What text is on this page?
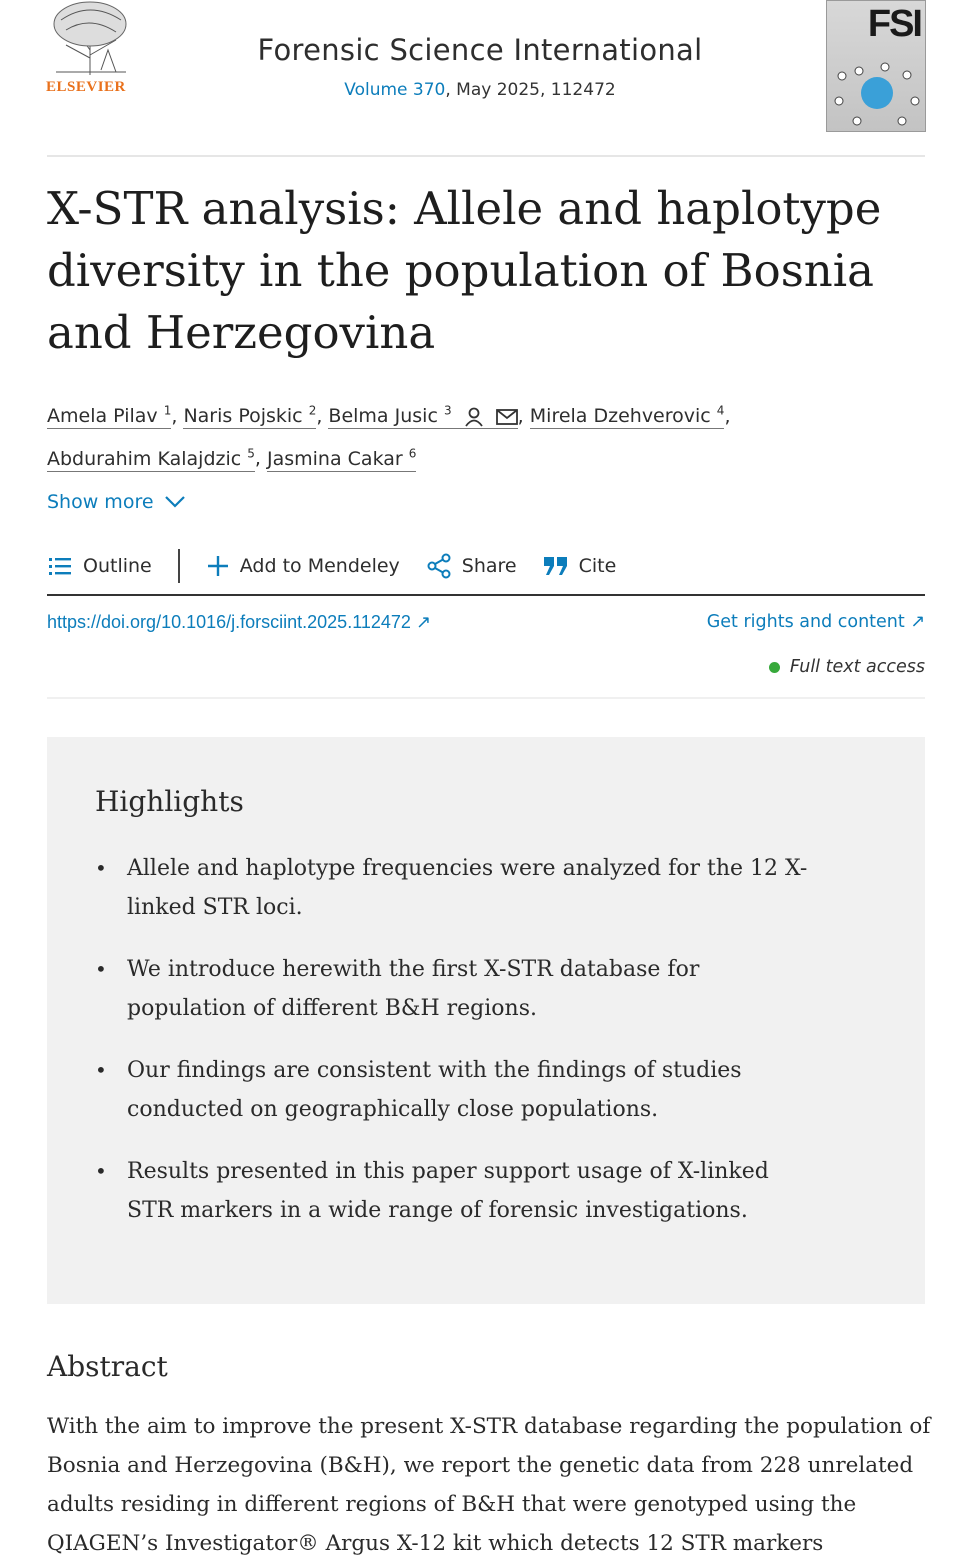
ELSEVIER
Forensic Science International
Volume 370, May 2025, 112472
FSI
X-STR analysis: Allele and haplotype diversity in the population of Bosnia and Herzegovina
Amela Pilav $^1$, Naris Pojskic $^2$, Belma Jusic $^3$	, Mirela Dzehverovic $^4$,
Abdurahim Kalajdzic $^5$, Jasmina Cakar $^6$
Show more
Outline	Add to Mendeley	Share	Cite
https://doi.org/10.1016/j.forsciint.2025.112472 ↗	Get rights and content ↗
Full text access
Highlights
• Allele and haplotype frequencies were analyzed for the 12 X-linked STR loci.
• We introduce herewith the first X-STR database for population of different B&H regions.
• Our findings are consistent with the findings of studies conducted on geographically close populations.
• Results presented in this paper support usage of X-linked STR markers in a wide range of forensic investigations.
Abstract

With the aim to improve the present X-STR database regarding the population of Bosnia and Herzegovina (B&H), we report the genetic data from 228 unrelated adults residing in different regions of B&H that were genotyped using the QIAGEN’s Investigator® Argus X-12 kit which detects 12 STR markers
